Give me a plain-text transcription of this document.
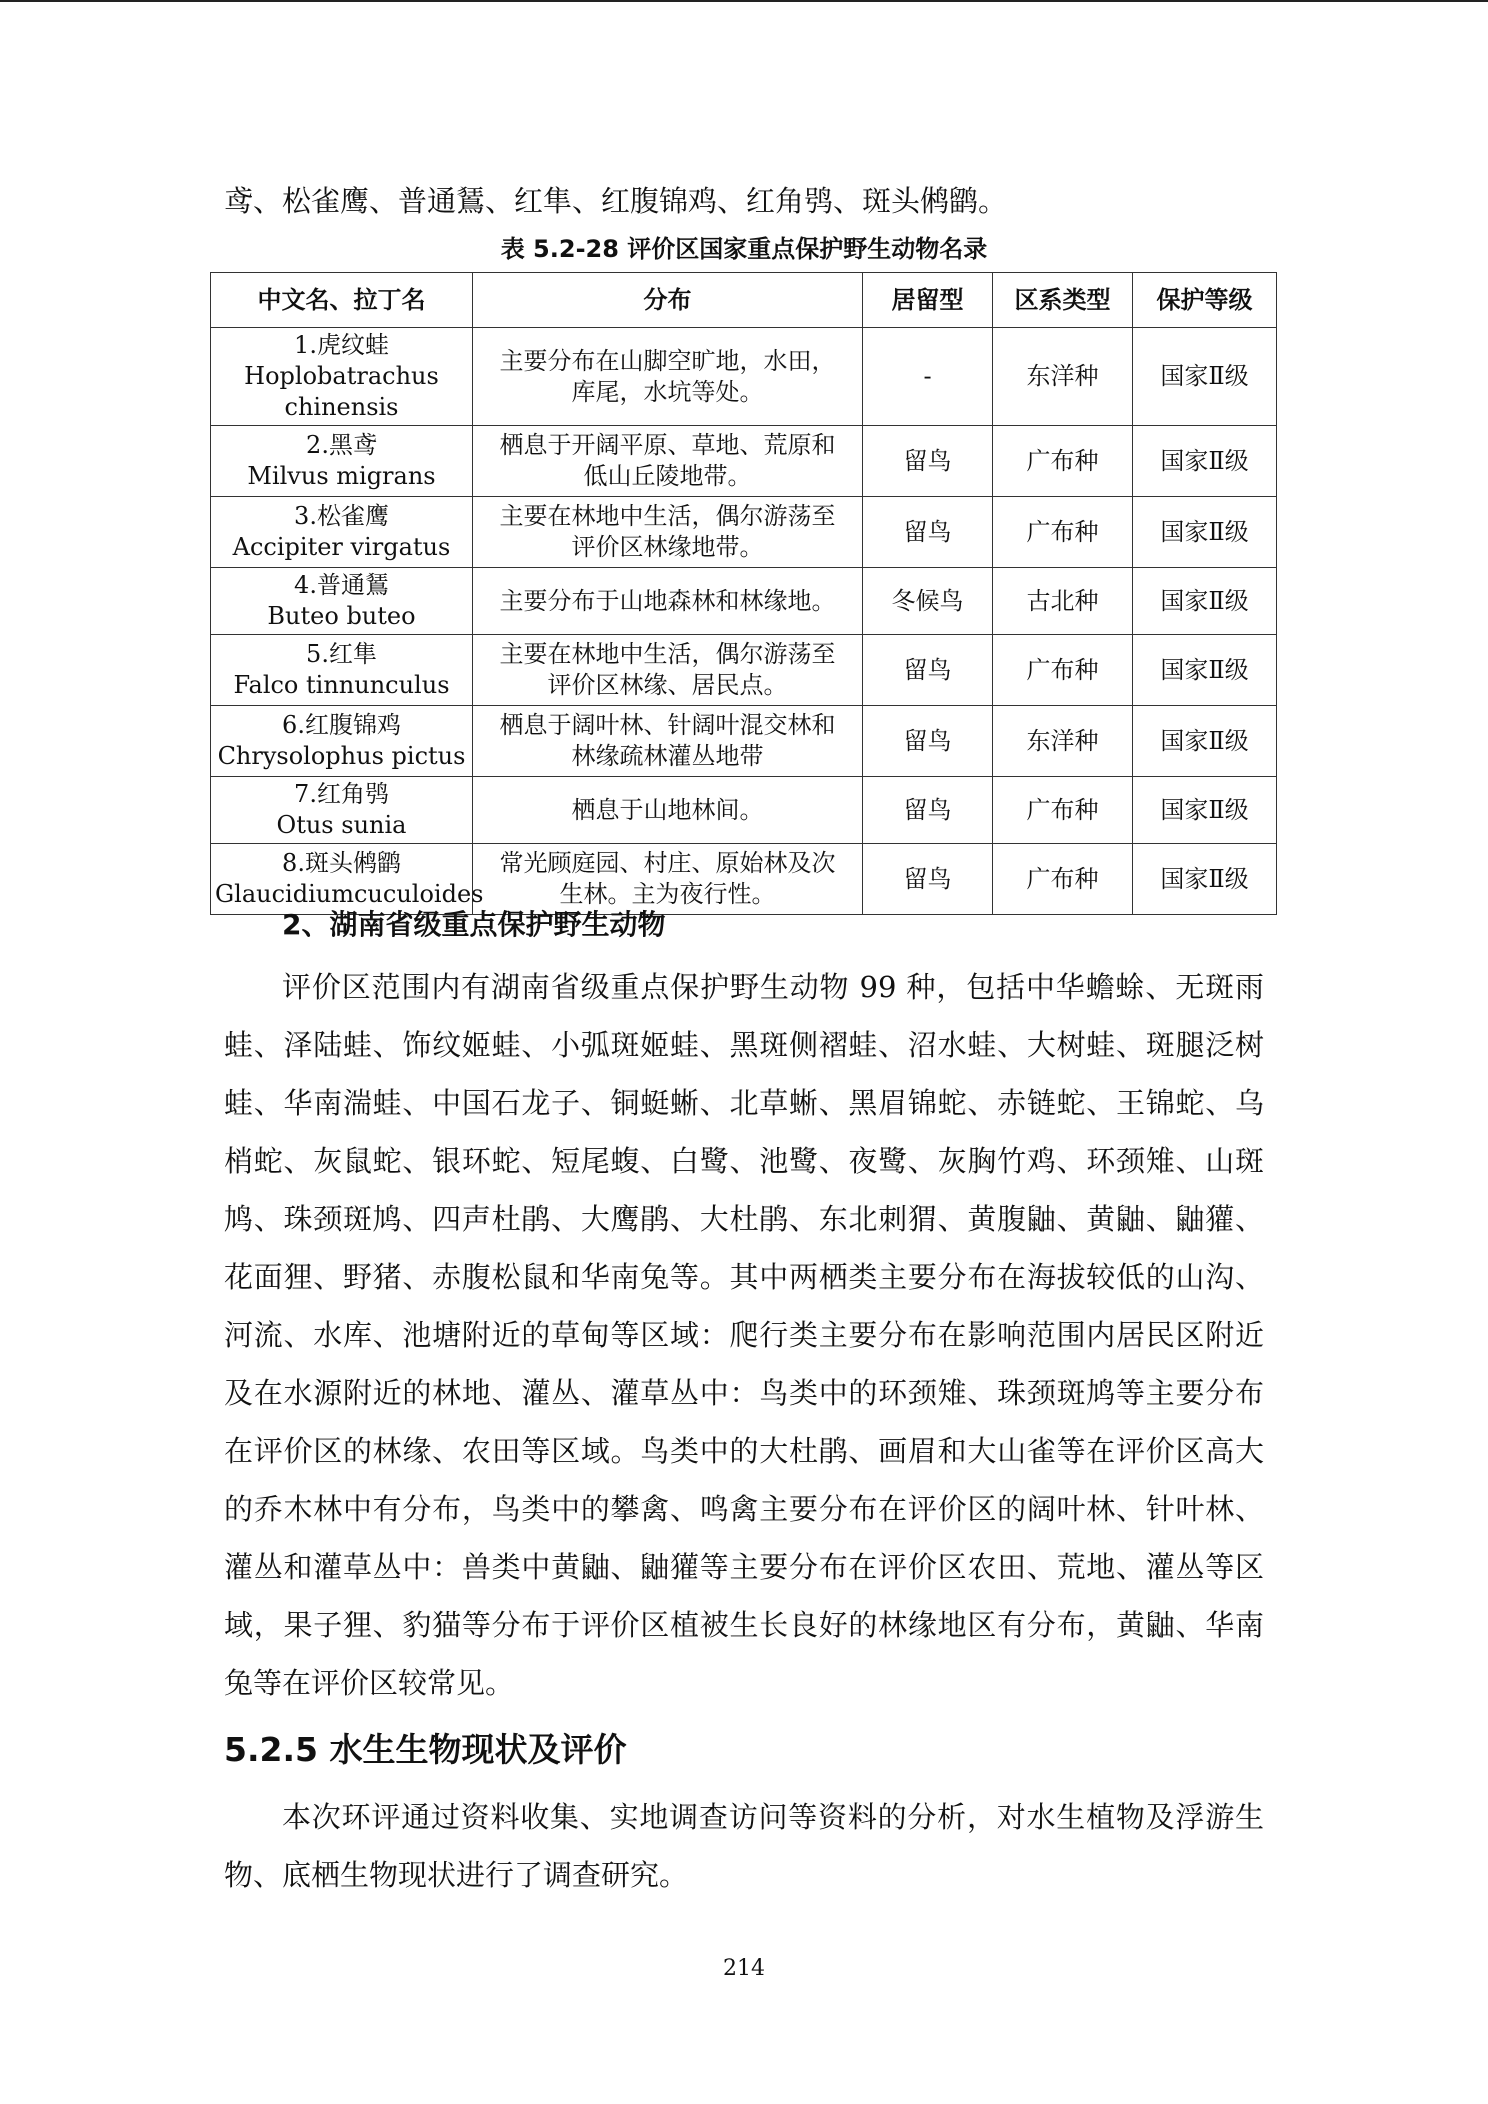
鸢、松雀鹰、普通鵟、红隼、红腹锦鸡、红角鸮、斑头鸺鹠。

表 5.2-28 评价区国家重点保护野生动物名录

中文名、拉丁名	分布	居留型	区系类型	保护等级

1.虎纹蛙
Hoplobatrachus chinensis	主要分布在山脚空旷地，水田，库尾，水坑等处。	-	东洋种	国家Ⅱ级

2.黑鸢
Milvus migrans	栖息于开阔平原、草地、荒原和低山丘陵地带。	留鸟	广布种	国家Ⅱ级

3.松雀鹰
Accipiter virgatus	主要在林地中生活，偶尔游荡至评价区林缘地带。	留鸟	广布种	国家Ⅱ级

4.普通鵟
Buteo buteo	主要分布于山地森林和林缘地。	冬候鸟	古北种	国家Ⅱ级

5.红隼
Falco tinnunculus	主要在林地中生活，偶尔游荡至评价区林缘、居民点。	留鸟	广布种	国家Ⅱ级

6.红腹锦鸡
Chrysolophus pictus	栖息于阔叶林、针阔叶混交林和林缘疏林灌丛地带	留鸟	东洋种	国家Ⅱ级

7.红角鸮
Otus sunia	栖息于山地林间。	留鸟	广布种	国家Ⅱ级

8.斑头鸺鹠
Glaucidiumcuculoides	常光顾庭园、村庄、原始林及次生林。主为夜行性。	留鸟	广布种	国家Ⅱ级

2、湖南省级重点保护野生动物

评价区范围内有湖南省级重点保护野生动物 99 种，包括中华蟾蜍、无斑雨蛙、泽陆蛙、饰纹姬蛙、小弧斑姬蛙、黑斑侧褶蛙、沼水蛙、大树蛙、斑腿泛树蛙、华南湍蛙、中国石龙子、铜蜓蜥、北草蜥、黑眉锦蛇、赤链蛇、王锦蛇、乌梢蛇、灰鼠蛇、银环蛇、短尾蝮、白鹭、池鹭、夜鹭、灰胸竹鸡、环颈雉、山斑鸠、珠颈斑鸠、四声杜鹃、大鹰鹃、大杜鹃、东北刺猬、黄腹鼬、黄鼬、鼬獾、花面狸、野猪、赤腹松鼠和华南兔等。其中两栖类主要分布在海拔较低的山沟、河流、水库、池塘附近的草甸等区域：爬行类主要分布在影响范围内居民区附近及在水源附近的林地、灌丛、灌草丛中：鸟类中的环颈雉、珠颈斑鸠等主要分布在评价区的林缘、农田等区域。鸟类中的大杜鹃、画眉和大山雀等在评价区高大的乔木林中有分布，鸟类中的攀禽、鸣禽主要分布在评价区的阔叶林、针叶林、灌丛和灌草丛中：兽类中黄鼬、鼬獾等主要分布在评价区农田、荒地、灌丛等区域，果子狸、豹猫等分布于评价区植被生长良好的林缘地区有分布，黄鼬、华南兔等在评价区较常见。

5.2.5 水生生物现状及评价

本次环评通过资料收集、实地调查访问等资料的分析，对水生植物及浮游生物、底栖生物现状进行了调查研究。

214
